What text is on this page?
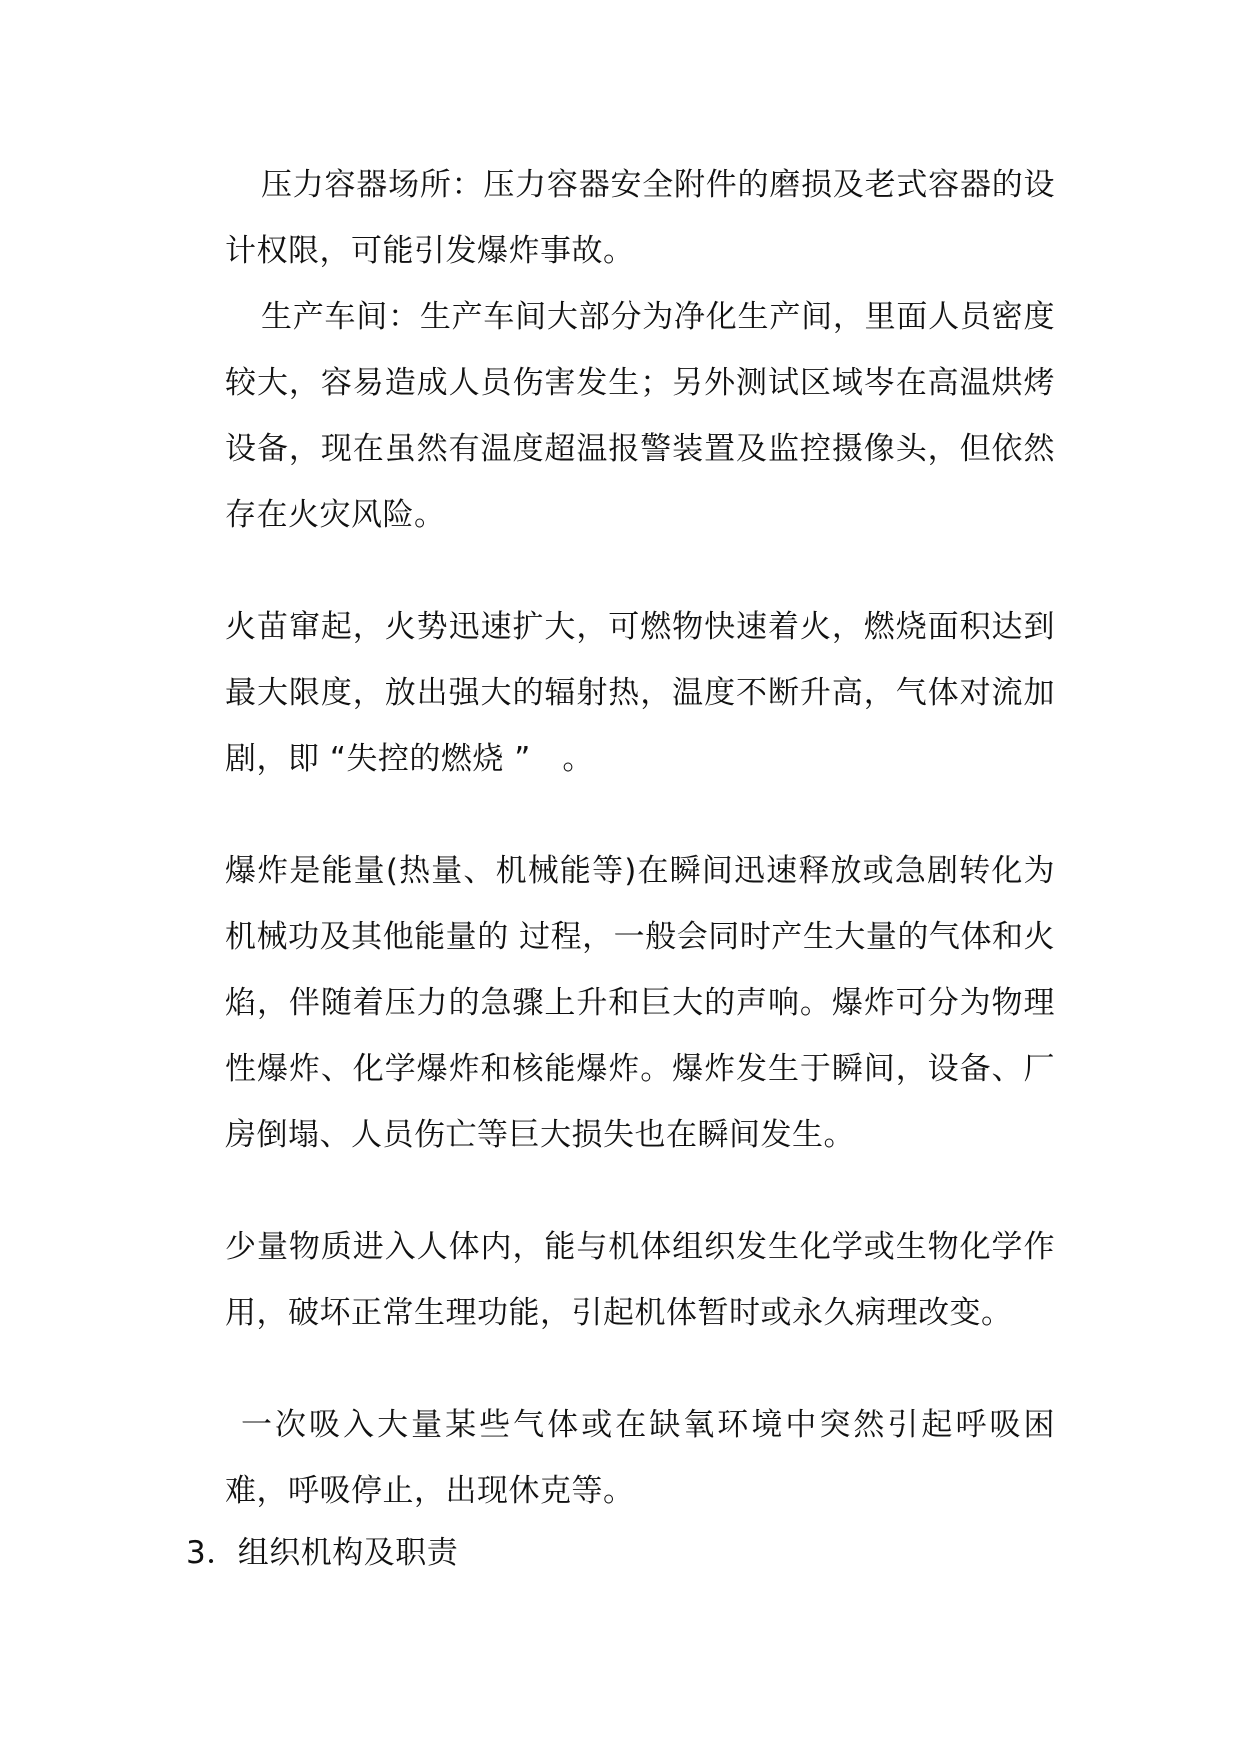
压力容器场所：压力容器安全附件的磨损及老式容器的设计权限，可能引发爆炸事故。

生产车间：生产车间大部分为净化生产间，里面人员密度较大，容易造成人员伤害发生；另外测试区域岑在高温烘烤设备，现在虽然有温度超温报警装置及监控摄像头，但依然存在火灾风险。

火苗窜起，火势迅速扩大，可燃物快速着火，燃烧面积达到最大限度，放出强大的辐射热，温度不断升高，气体对流加剧，即 “失控的燃烧 ”　。

爆炸是能量(热量、机械能等)在瞬间迅速释放或急剧转化为机械功及其他能量的 过程，一般会同时产生大量的气体和火焰，伴随着压力的急骤上升和巨大的声响。爆炸可分为物理性爆炸、化学爆炸和核能爆炸。爆炸发生于瞬间，设备、厂房倒塌、人员伤亡等巨大损失也在瞬间发生。

少量物质进入人体内，能与机体组织发生化学或生物化学作用，破坏正常生理功能，引起机体暂时或永久病理改变。

一次吸入大量某些气体或在缺氧环境中突然引起呼吸困难，呼吸停止，出现休克等。

3．组织机构及职责
